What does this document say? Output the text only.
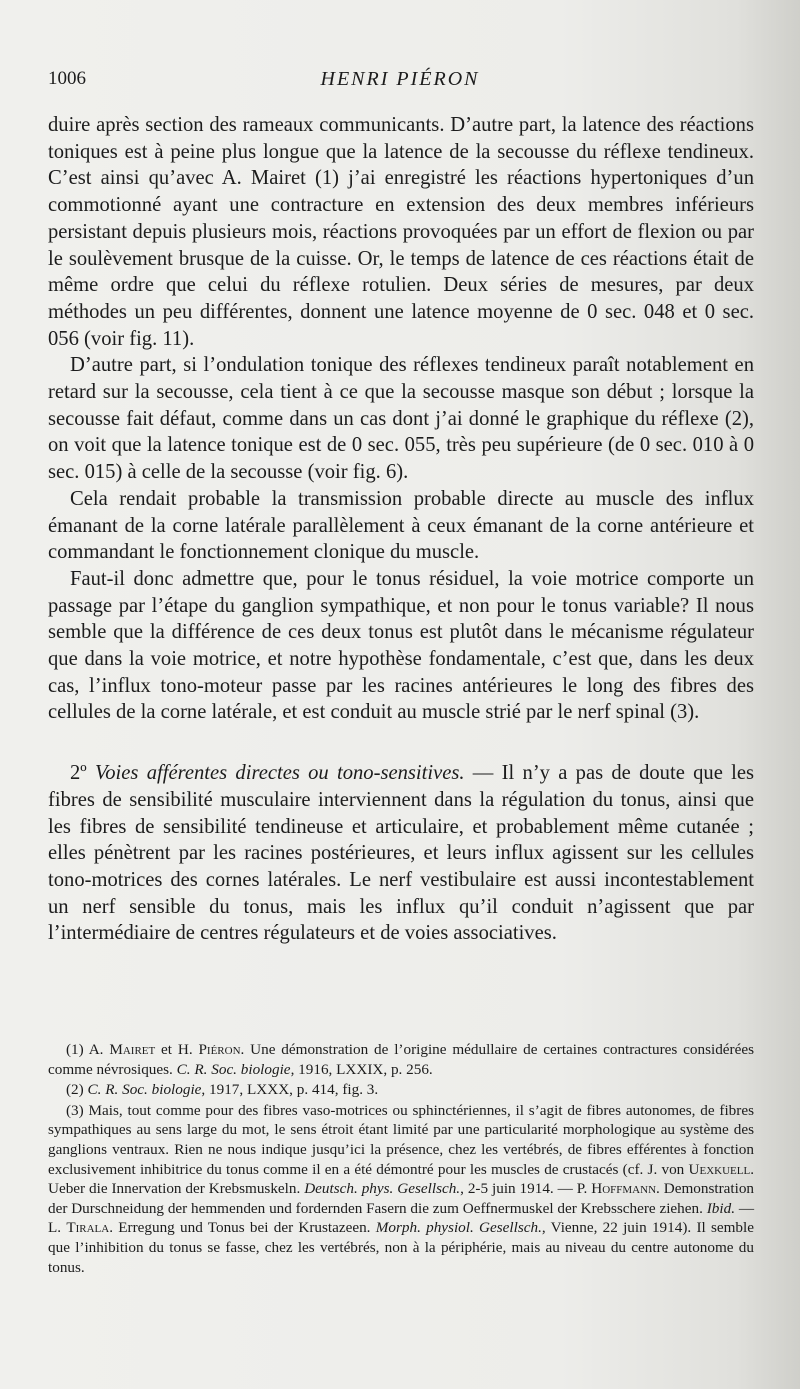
1006	HENRI PIÉRON

duire après section des rameaux communicants. D’autre part, la latence des réactions toniques est à peine plus longue que la latence de la secousse du réflexe tendineux. C’est ainsi qu’avec A. Mairet (1) j’ai enregistré les réactions hypertoniques d’un commotionné ayant une contracture en extension des deux membres inférieurs persistant depuis plusieurs mois, réactions provoquées par un effort de flexion ou par le soulèvement brusque de la cuisse. Or, le temps de latence de ces réactions était de même ordre que celui du réflexe rotulien. Deux séries de mesures, par deux méthodes un peu différentes, donnent une latence moyenne de 0 sec. 048 et 0 sec. 056 (voir fig. 11).

D’autre part, si l’ondulation tonique des réflexes tendineux paraît notablement en retard sur la secousse, cela tient à ce que la secousse masque son début ; lorsque la secousse fait défaut, comme dans un cas dont j’ai donné le graphique du réflexe (2), on voit que la latence tonique est de 0 sec. 055, très peu supérieure (de 0 sec. 010 à 0 sec. 015) à celle de la secousse (voir fig. 6).

Cela rendait probable la transmission probable directe au muscle des influx émanant de la corne latérale parallèlement à ceux émanant de la corne antérieure et commandant le fonctionnement clonique du muscle.

Faut-il donc admettre que, pour le tonus résiduel, la voie motrice comporte un passage par l’étape du ganglion sympathique, et non pour le tonus variable? Il nous semble que la différence de ces deux tonus est plutôt dans le mécanisme régulateur que dans la voie motrice, et notre hypothèse fondamentale, c’est que, dans les deux cas, l’influx tono-moteur passe par les racines antérieures le long des fibres des cellules de la corne latérale, et est conduit au muscle strié par le nerf spinal (3).

2º Voies afférentes directes ou tono-sensitives. — Il n’y a pas de doute que les fibres de sensibilité musculaire interviennent dans la régulation du tonus, ainsi que les fibres de sensibilité tendineuse et articulaire, et probablement même cutanée ; elles pénètrent par les racines postérieures, et leurs influx agissent sur les cellules tono-motrices des cornes latérales. Le nerf vestibulaire est aussi incontestablement un nerf sensible du tonus, mais les influx qu’il conduit n’agissent que par l’intermédiaire de centres régulateurs et de voies associatives.

(1) A. Mairet et H. Piéron. Une démonstration de l’origine médullaire de certaines contractures considérées comme névrosiques. C. R. Soc. biologie, 1916, LXXIX, p. 256.

(2) C. R. Soc. biologie, 1917, LXXX, p. 414, fig. 3.

(3) Mais, tout comme pour des fibres vaso-motrices ou sphinctériennes, il s’agit de fibres autonomes, de fibres sympathiques au sens large du mot, le sens étroit étant limité par une particularité morphologique au système des ganglions ventraux. Rien ne nous indique jusqu’ici la présence, chez les vertébrés, de fibres efférentes à fonction exclusivement inhibitrice du tonus comme il en a été démontré pour les muscles de crustacés (cf. J. von Uexkuell. Ueber die Innervation der Krebsmuskeln. Deutsch. phys. Gesellsch., 2-5 juin 1914. — P. Hoffmann. Demonstration der Durschneidung der hemmenden und fordernden Fasern die zum Oeffnermuskel der Krebsschere ziehen. Ibid. — L. Tirala. Erregung und Tonus bei der Krustazeen. Morph. physiol. Gesellsch., Vienne, 22 juin 1914). Il semble que l’inhibition du tonus se fasse, chez les vertébrés, non à la périphérie, mais au niveau du centre autonome du tonus.
